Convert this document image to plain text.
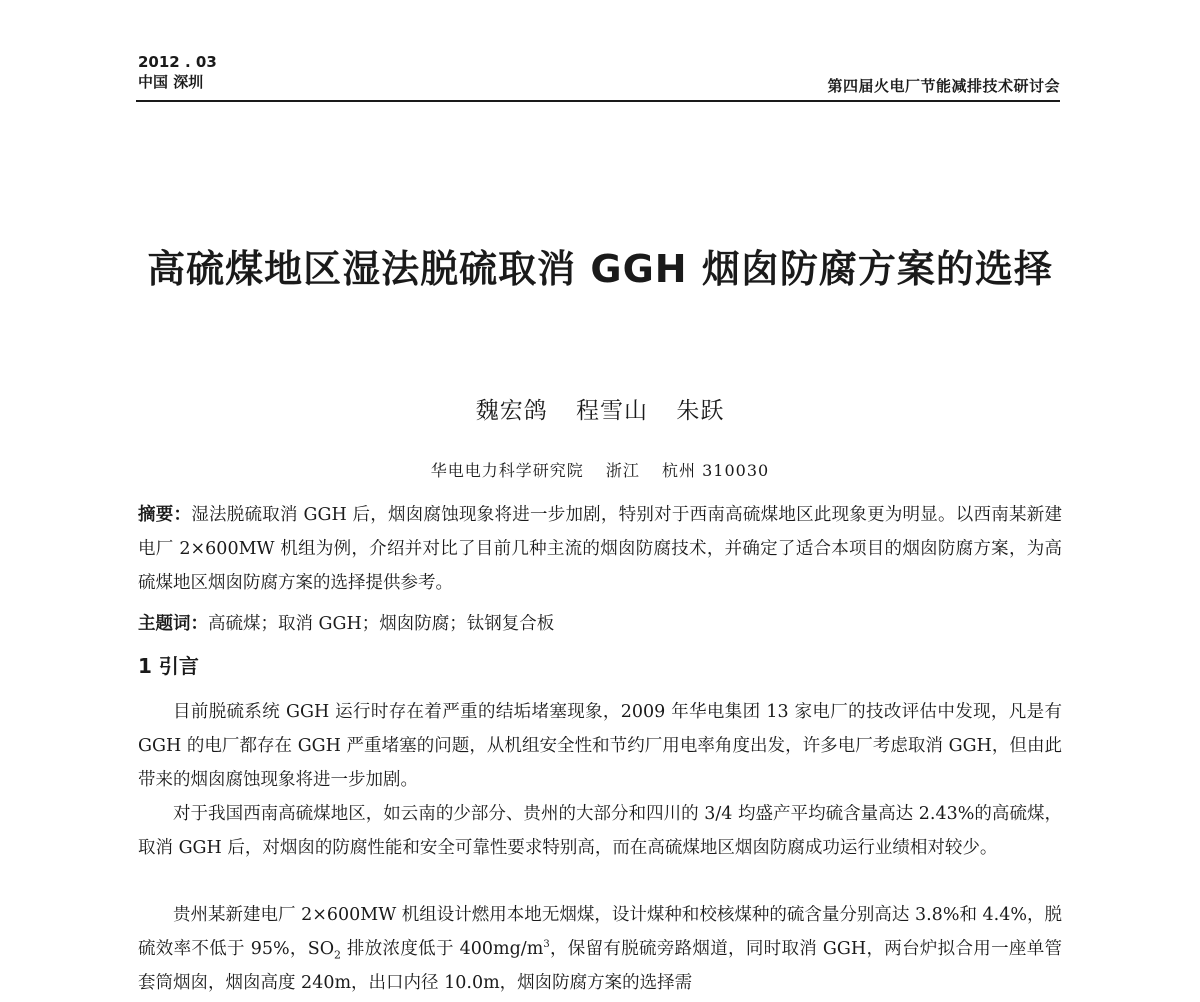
2012 . 03
中国 深圳	第四届火电厂节能减排技术研讨会
高硫煤地区湿法脱硫取消 GGH 烟囱防腐方案的选择
魏宏鸽 程雪山 朱跃
华电电力科学研究院 浙江 杭州 310030
摘要：湿法脱硫取消 GGH 后，烟囱腐蚀现象将进一步加剧，特别对于西南高硫煤地区此现象更为明显。以西南某新建电厂 2×600MW 机组为例，介绍并对比了目前几种主流的烟囱防腐技术，并确定了适合本项目的烟囱防腐方案，为高硫煤地区烟囱防腐方案的选择提供参考。
主题词：高硫煤；取消 GGH；烟囱防腐；钛钢复合板
1 引言
目前脱硫系统 GGH 运行时存在着严重的结垢堵塞现象，2009 年华电集团 13 家电厂的技改评估中发现，凡是有 GGH 的电厂都存在 GGH 严重堵塞的问题，从机组安全性和节约厂用电率角度出发，许多电厂考虑取消 GGH，但由此带来的烟囱腐蚀现象将进一步加剧。
对于我国西南高硫煤地区，如云南的少部分、贵州的大部分和四川的 3/4 均盛产平均硫含量高达 2.43%的高硫煤，取消 GGH 后，对烟囱的防腐性能和安全可靠性要求特别高，而在高硫煤地区烟囱防腐成功运行业绩相对较少。
贵州某新建电厂 2×600MW 机组设计燃用本地无烟煤，设计煤种和校核煤种的硫含量分别高达 3.8%和 4.4%，脱硫效率不低于 95%，$SO_2$ 排放浓度低于 $400mg/m^3$，保留有脱硫旁路烟道，同时取消 GGH，两台炉拟合用一座单管套筒烟囱，烟囱高度 240m，出口内径 10.0m，烟囱防腐方案的选择需
